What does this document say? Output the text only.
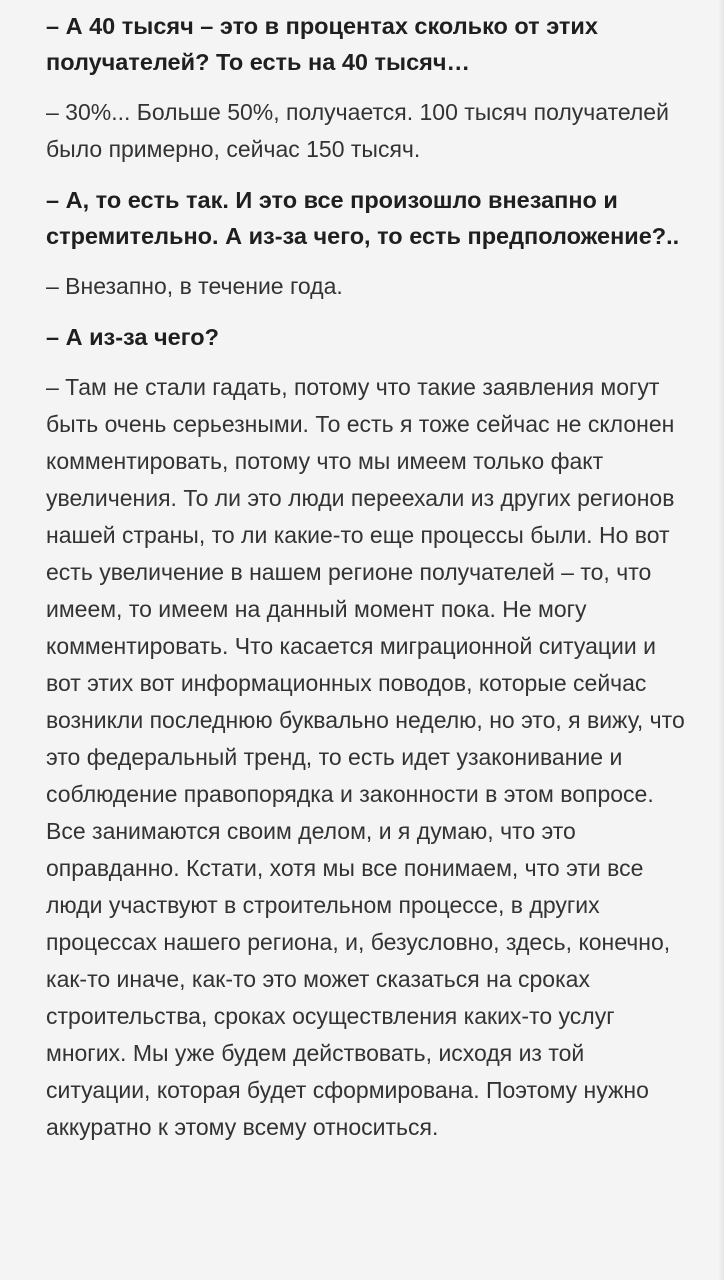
– А 40 тысяч – это в процентах сколько от этих получателей? То есть на 40 тысяч…

– 30%... Больше 50%, получается. 100 тысяч получателей было примерно, сейчас 150 тысяч.

– А, то есть так. И это все произошло внезапно и стремительно. А из-за чего, то есть предположение?..

– Внезапно, в течение года.

– А из-за чего?

– Там не стали гадать, потому что такие заявления могут быть очень серьезными. То есть я тоже сейчас не склонен комментировать, потому что мы имеем только факт увеличения. То ли это люди переехали из других регионов нашей страны, то ли какие-то еще процессы были. Но вот есть увеличение в нашем регионе получателей – то, что имеем, то имеем на данный момент пока. Не могу комментировать. Что касается миграционной ситуации и вот этих вот информационных поводов, которые сейчас возникли последнюю буквально неделю, но это, я вижу, что это федеральный тренд, то есть идет узаконивание и соблюдение правопорядка и законности в этом вопросе. Все занимаются своим делом, и я думаю, что это оправданно. Кстати, хотя мы все понимаем, что эти все люди участвуют в строительном процессе, в других процессах нашего региона, и, безусловно, здесь, конечно, как-то иначе, как-то это может сказаться на сроках строительства, сроках осуществления каких-то услуг многих. Мы уже будем действовать, исходя из той ситуации, которая будет сформирована. Поэтому нужно аккуратно к этому всему относиться.
